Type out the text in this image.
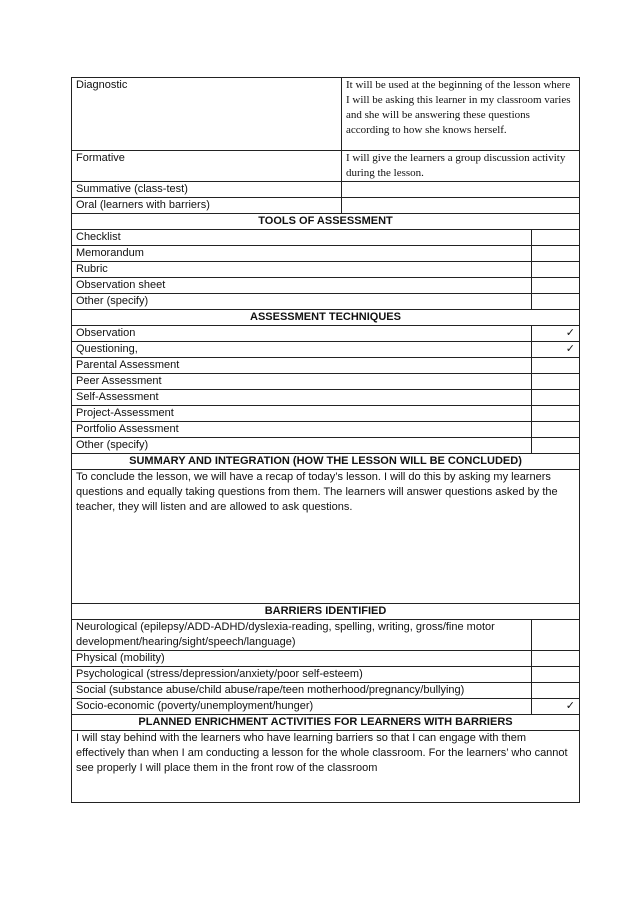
Diagnostic	It will be used at the beginning of the lesson where I will be asking this learner in my classroom varies and she will be answering these questions according to how she knows herself.	
Formative	I will give the learners a group discussion activity during the lesson.	
Summative (class-test)		
Oral (learners with barriers)		
TOOLS OF ASSESSMENT		
Checklist		
Memorandum		
Rubric		
Observation sheet		
Other (specify)		
ASSESSMENT TECHNIQUES		
Observation		✓
Questioning,		✓
Parental Assessment		
Peer Assessment		
Self-Assessment		
Project-Assessment		
Portfolio Assessment		
Other (specify)		
SUMMARY AND INTEGRATION (HOW THE LESSON WILL BE CONCLUDED)		
To conclude the lesson, we will have a recap of today’s lesson. I will do this by asking my learners questions and equally taking questions from them. The learners will answer questions asked by the teacher, they will listen and are allowed to ask questions.		
BARRIERS IDENTIFIED		
Neurological (epilepsy/ADD-ADHD/dyslexia-reading, spelling, writing, gross/fine motor development/hearing/sight/speech/language)		
Physical (mobility)		
Psychological (stress/depression/anxiety/poor self-esteem)		
Social (substance abuse/child abuse/rape/teen motherhood/pregnancy/bullying)		
Socio-economic (poverty/unemployment/hunger)		✓
PLANNED ENRICHMENT ACTIVITIES FOR LEARNERS WITH BARRIERS		
I will stay behind with the learners who have learning barriers so that I can engage with them effectively than when I am conducting a lesson for the whole classroom. For the learners’ who cannot see properly I will place them in the front row of the classroom		
